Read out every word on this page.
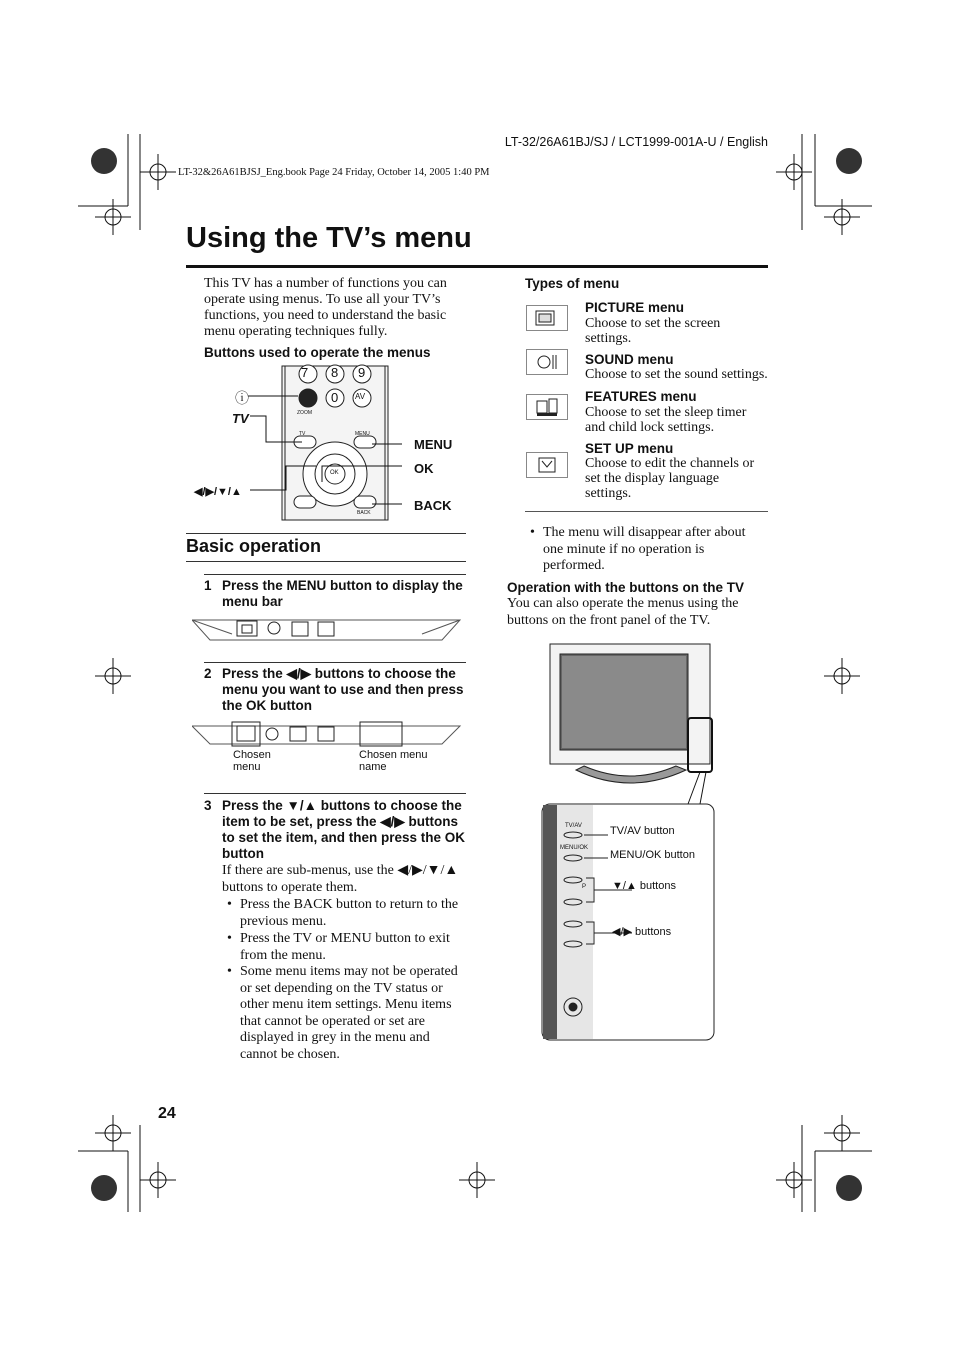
LT-32/26A61BJ/SJ / LCT1999-001A-U / English
LT-32&26A61BJSJ_Eng.book Page 24 Friday, October 14, 2005 1:40 PM
Using the TV’s menu
This TV has a number of functions you can operate using menus. To use all your TV’s functions, you need to understand the basic menu operating techniques fully.
Buttons used to operate the menus
7 8 9
0 AV
ZOOM
TV	MENU
OK
BACK
ⓘ
TV
MENU
OK
BACK
◀/▶/▼/▲
Basic operation
1 Press the MENU button to display the menu bar
2 Press the ◀/▶ buttons to choose the menu you want to use and then press the OK button
Chosen menu
Chosen menu name
3 Press the ▼/▲ buttons to choose the item to be set, press the ◀/▶ buttons to set the item, and then press the OK button
If there are sub-menus, use the ◀/▶/▼/▲ buttons to operate them.
• Press the BACK button to return to the previous menu.
• Press the TV or MENU button to exit from the menu.
• Some menu items may not be operated or set depending on the TV status or other menu item settings. Menu items that cannot be operated or set are displayed in grey in the menu and cannot be chosen.
Types of menu
PICTURE menu
Choose to set the screen settings.
SOUND menu
Choose to set the sound settings.
FEATURES menu
Choose to set the sleep timer and child lock settings.
SET UP menu
Choose to edit the channels or set the display language settings.
• The menu will disappear after about one minute if no operation is performed.
Operation with the buttons on the TV
You can also operate the menus using the buttons on the front panel of the TV.
TV/AV
MENU/OK
P
TV/AV button
MENU/OK button
▼/▲ buttons
◀/▶ buttons
24
